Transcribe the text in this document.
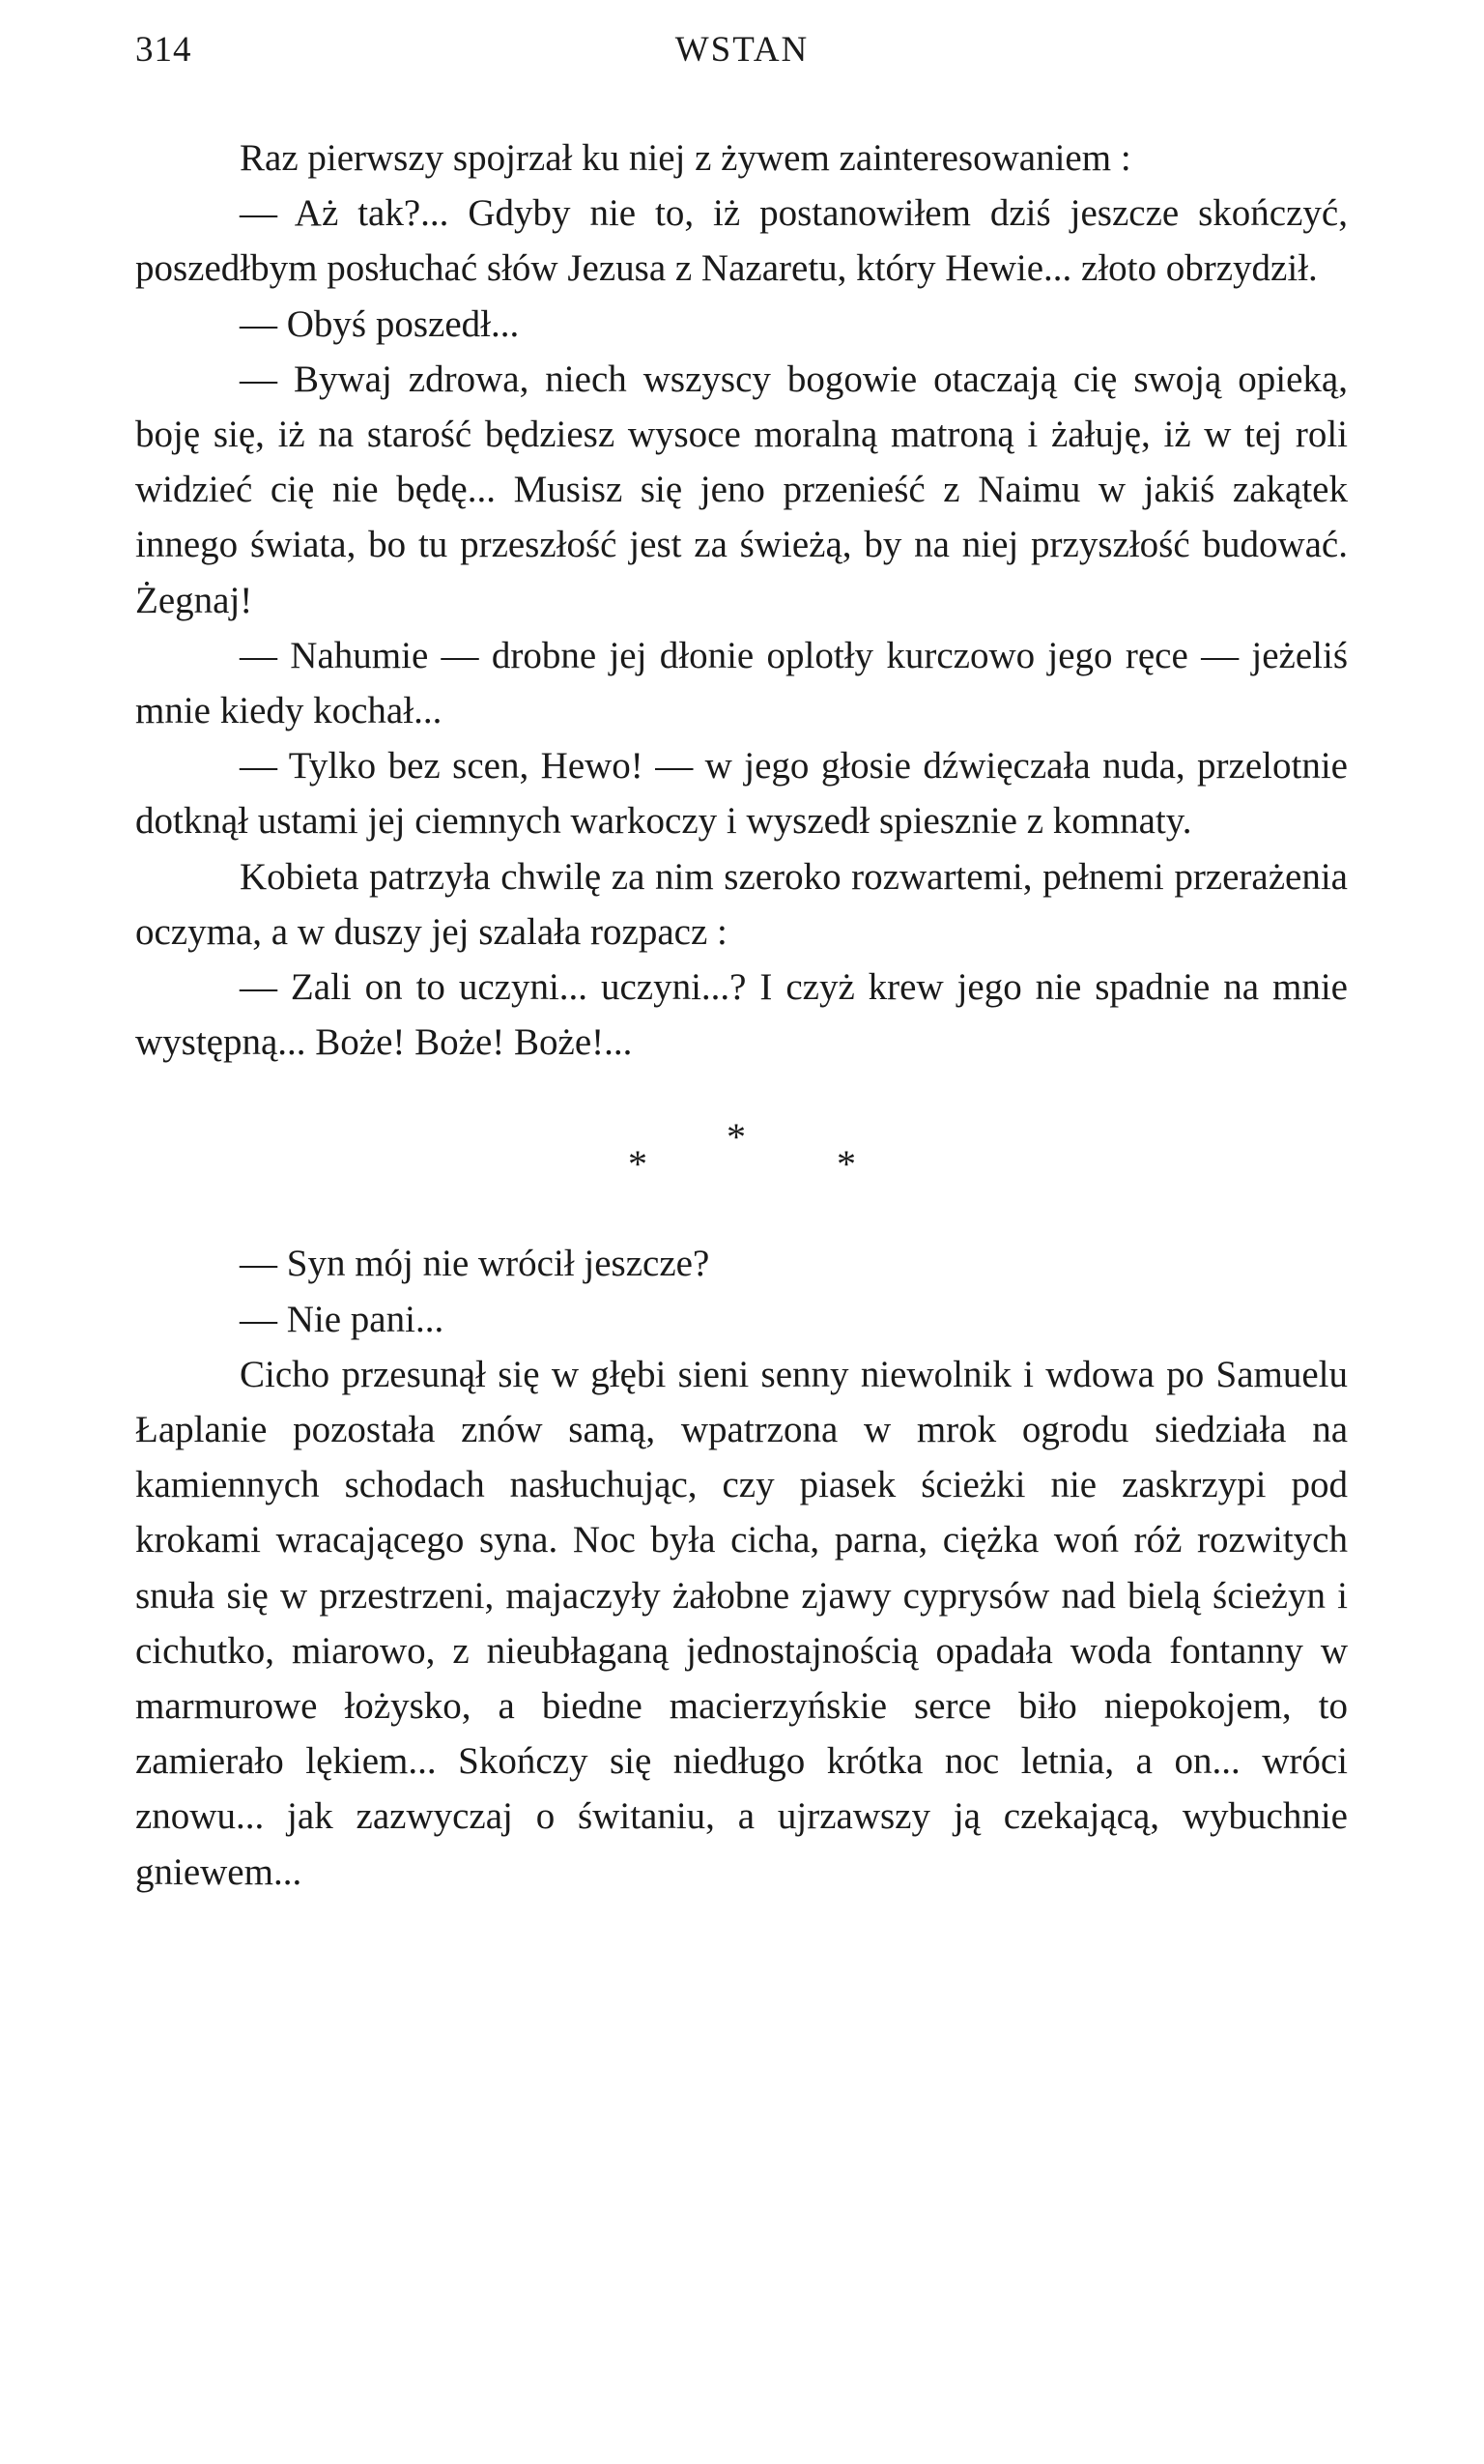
314	WSTAN

Raz pierwszy spojrzał ku niej z żywem zainteresowaniem :

— Aż tak?... Gdyby nie to, iż postanowiłem dziś jeszcze skończyć, poszedłbym posłuchać słów Jezusa z Nazaretu, który Hewie... złoto obrzydził.

— Obyś poszedł...

— Bywaj zdrowa, niech wszyscy bogowie otaczają cię swoją opieką, boję się, iż na starość będziesz wysoce moralną matroną i żałuję, iż w tej roli widzieć cię nie będę... Musisz się jeno przenieść z Naimu w jakiś zakątek innego świata, bo tu przeszłość jest za świeżą, by na niej przyszłość budować. Żegnaj!

— Nahumie — drobne jej dłonie oplotły kurczowo jego ręce — jeżeliś mnie kiedy kochał...

— Tylko bez scen, Hewo! — w jego głosie dźwięczała nuda, przelotnie dotknął ustami jej ciemnych warkoczy i wyszedł spiesznie z komnaty.

Kobieta patrzyła chwilę za nim szeroko rozwartemi, pełnemi przerażenia oczyma, a w duszy jej szalała rozpacz :

— Zali on to uczyni... uczyni...? I czyż krew jego nie spadnie na mnie występną... Boże! Boże! Boże!...

*
*
*

— Syn mój nie wrócił jeszcze?

— Nie pani...

Cicho przesunął się w głębi sieni senny niewolnik i wdowa po Samuelu Łaplanie pozostała znów samą, wpatrzona w mrok ogrodu siedziała na kamiennych schodach nasłuchując, czy piasek ścieżki nie zaskrzypi pod krokami wracającego syna. Noc była cicha, parna, ciężka woń róż rozwitych snuła się w przestrzeni, majaczyły żałobne zjawy cyprysów nad bielą ścieżyn i cichutko, miarowo, z nieubłaganą jednostajnością opadała woda fontanny w marmurowe łożysko, a biedne macierzyńskie serce biło niepokojem, to zamierało lękiem... Skończy się niedługo krótka noc letnia, a on... wróci znowu... jak zazwyczaj o świtaniu, a ujrzawszy ją czekającą, wybuchnie gniewem...
